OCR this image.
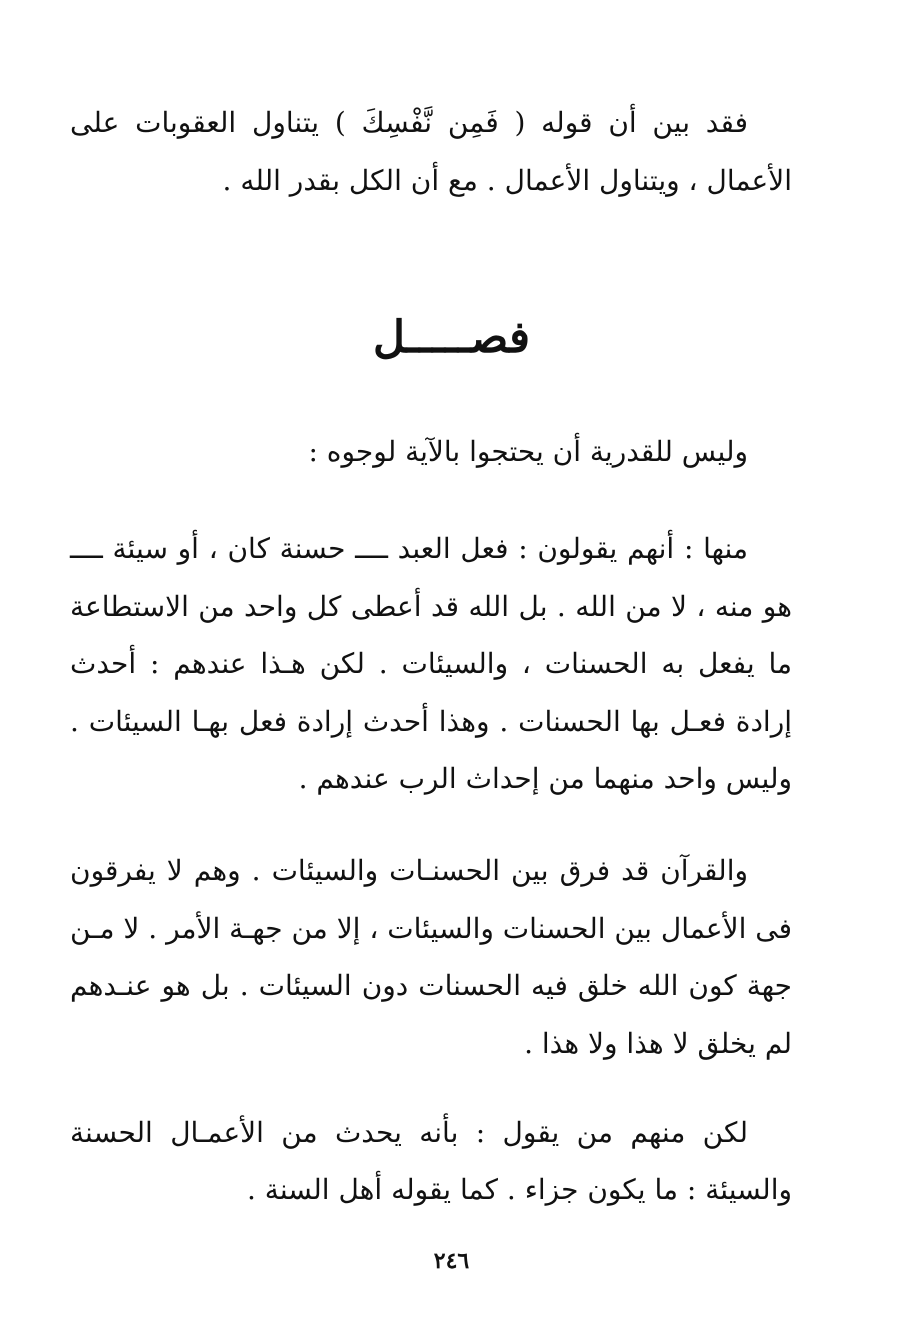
فقد بين أن قوله ( فَمِن نَّفْسِكَ ) يتناول العقوبات على الأعمال ، ويتناول الأعمال . مع أن الكل بقدر الله .

فصـــــل

وليس للقدرية أن يحتجوا بالآية لوجوه :

منها : أنهم يقولون : فعل العبد ــــ حسنة كان ، أو سيئة ــــ هو منه ، لا من الله . بل الله قد أعطى كل واحد من الاستطاعة ما يفعل به الحسنات ، والسيئات . لكن هـذا عندهم : أحدث إرادة فعـل بها الحسنات . وهذا أحدث إرادة فعل بهـا السيئات . وليس واحد منهما من إحداث الرب عندهم .

والقرآن قد فرق بين الحسنـات والسيئات . وهم لا يفرقون فى الأعمال بين الحسنات والسيئات ، إلا من جهـة الأمر . لا مـن جهة كون الله خلق فيه الحسنات دون السيئات . بل هو عنـدهم لم يخلق لا هذا ولا هذا .

لكن منهم من يقول : بأنه يحدث من الأعمـال الحسنة والسيئة : ما يكون جزاء . كما يقوله أهل السنة .

٢٤٦
